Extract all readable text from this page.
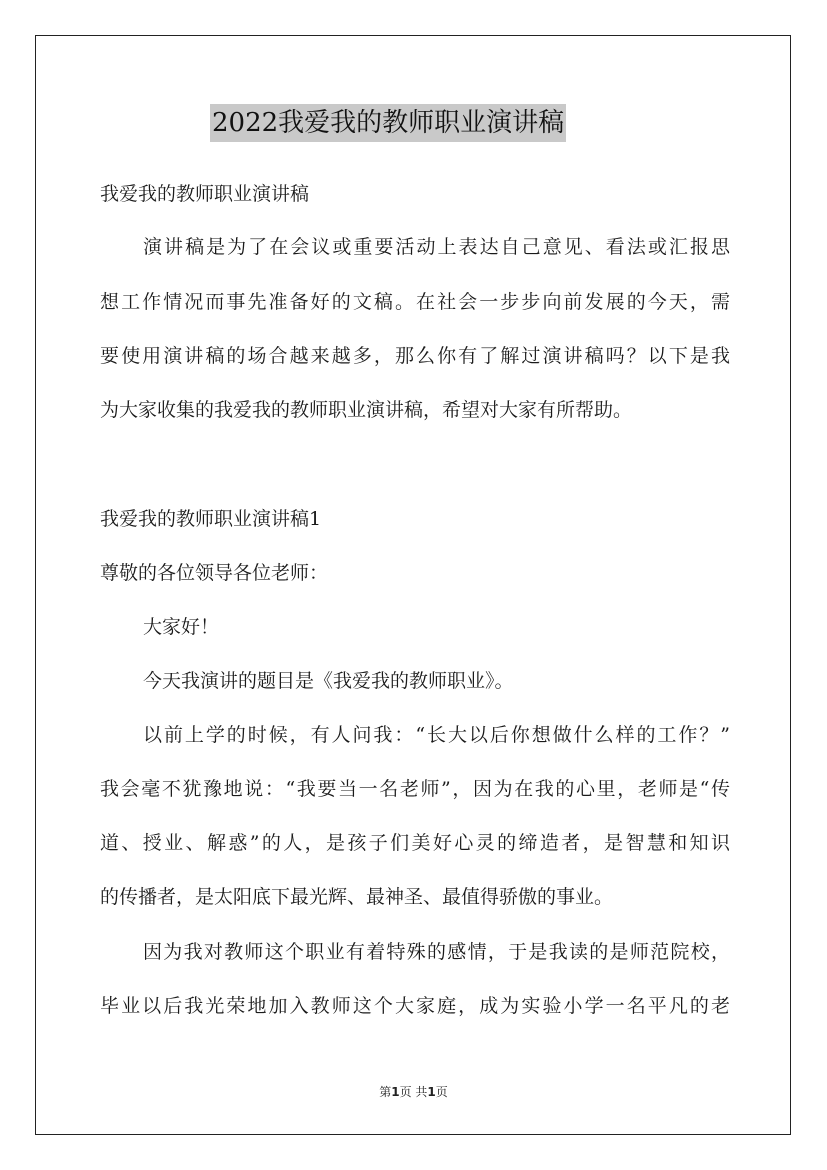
2022我爱我的教师职业演讲稿
我爱我的教师职业演讲稿
演讲稿是为了在会议或重要活动上表达自己意见、看法或汇报思
想工作情况而事先准备好的文稿。在社会一步步向前发展的今天，需
要使用演讲稿的场合越来越多，那么你有了解过演讲稿吗？以下是我
为大家收集的我爱我的教师职业演讲稿，希望对大家有所帮助。
我爱我的教师职业演讲稿1
尊敬的各位领导各位老师：
大家好！
今天我演讲的题目是《我爱我的教师职业》。
以前上学的时候，有人问我：“长大以后你想做什么样的工作？”
我会毫不犹豫地说：“我要当一名老师”，因为在我的心里，老师是“传
道、授业、解惑”的人，是孩子们美好心灵的缔造者，是智慧和知识
的传播者，是太阳底下最光辉、最神圣、最值得骄傲的事业。
因为我对教师这个职业有着特殊的感情，于是我读的是师范院校，
毕业以后我光荣地加入教师这个大家庭，成为实验小学一名平凡的老
第1页 共1页
